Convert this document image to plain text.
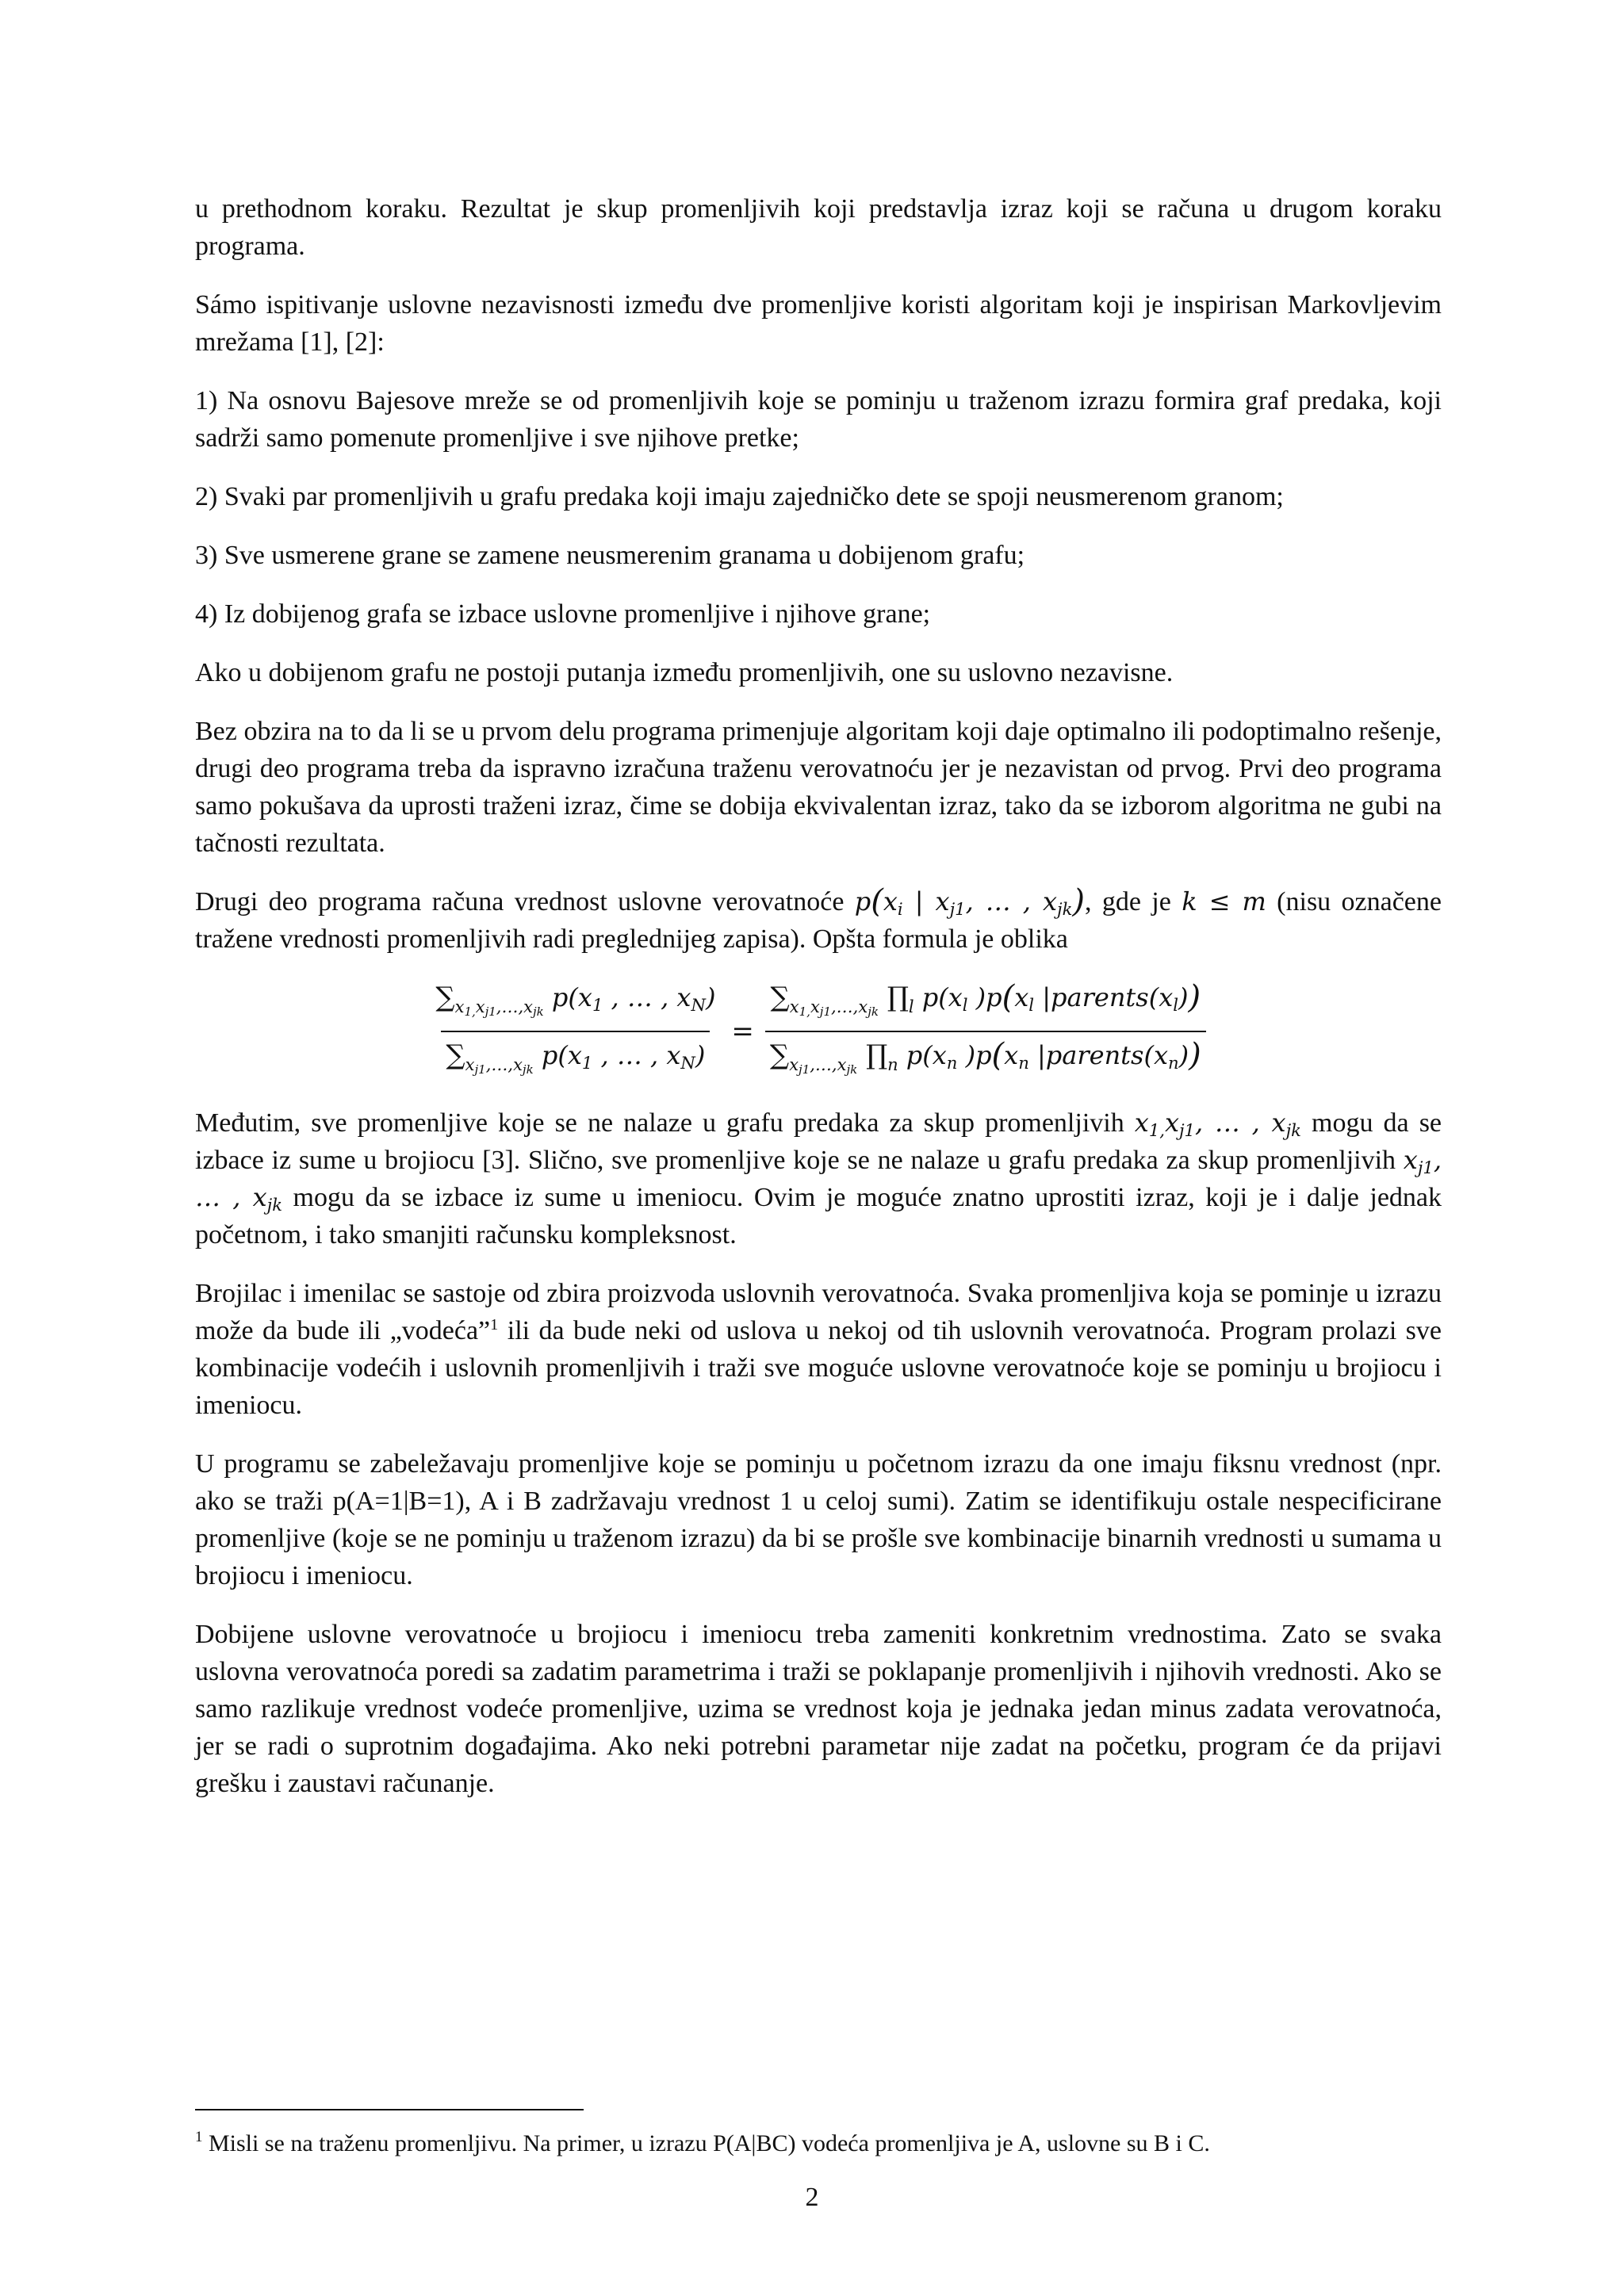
u prethodnom koraku. Rezultat je skup promenljivih koji predstavlja izraz koji se računa u drugom koraku programa.

Sámo ispitivanje uslovne nezavisnosti između dve promenljive koristi algoritam koji je inspirisan Markovljevim mrežama [1], [2]:

1) Na osnovu Bajesove mreže se od promenljivih koje se pominju u traženom izrazu formira graf predaka, koji sadrži samo pomenute promenljive i sve njihove pretke;

2) Svaki par promenljivih u grafu predaka koji imaju zajedničko dete se spoji neusmerenom granom;

3) Sve usmerene grane se zamene neusmerenim granama u dobijenom grafu;

4) Iz dobijenog grafa se izbace uslovne promenljive i njihove grane;

Ako u dobijenom grafu ne postoji putanja između promenljivih, one su uslovno nezavisne.

Bez obzira na to da li se u prvom delu programa primenjuje algoritam koji daje optimalno ili podoptimalno rešenje, drugi deo programa treba da ispravno izračuna traženu verovatnoću jer je nezavistan od prvog. Prvi deo programa samo pokušava da uprosti traženi izraz, čime se dobija ekvivalentan izraz, tako da se izborom algoritma ne gubi na tačnosti rezultata.

Drugi deo programa računa vrednost uslovne verovatnoće $p(x_i$ | $x_{j1}$, … , $x_{jk}$), gde je k ≤ m (nisu označene tražene vrednosti promenljivih radi preglednijeg zapisa). Opšta formula je oblika

$\frac{\sum_{x_{1,}x_{j1},\dots,x_{jk}} p(x_1 , \dots , x_N)}{\sum_{x_{j1},\dots,x_{jk}} p(x_1 , \dots , x_N)} = \frac{\sum_{x_{1,}x_{j1},\dots,x_{jk}} \prod_l p(x_l )p(x_l |parents(x_l))}{\sum_{x_{j1},\dots,x_{jk}} \prod_n p(x_n )p(x_n |parents(x_n))}$

Međutim, sve promenljive koje se ne nalaze u grafu predaka za skup promenljivih $x_{1,}x_{j1}$, … , $x_{jk}$ mogu da se izbace iz sume u brojiocu [3]. Slično, sve promenljive koje se ne nalaze u grafu predaka za skup promenljivih $x_{j1}$, … , $x_{jk}$ mogu da se izbace iz sume u imeniocu. Ovim je moguće znatno uprostiti izraz, koji je i dalje jednak početnom, i tako smanjiti računsku kompleksnost.

Brojilac i imenilac se sastoje od zbira proizvoda uslovnih verovatnoća. Svaka promenljiva koja se pominje u izrazu može da bude ili „vodeća”$^1$ ili da bude neki od uslova u nekoj od tih uslovnih verovatnoća. Program prolazi sve kombinacije vodećih i uslovnih promenljivih i traži sve moguće uslovne verovatnoće koje se pominju u brojiocu i imeniocu.

U programu se zabeležavaju promenljive koje se pominju u početnom izrazu da one imaju fiksnu vrednost (npr. ako se traži p(A=1|B=1), A i B zadržavaju vrednost 1 u celoj sumi). Zatim se identifikuju ostale nespecificirane promenljive (koje se ne pominju u traženom izrazu) da bi se prošle sve kombinacije binarnih vrednosti u sumama u brojiocu i imeniocu.

Dobijene uslovne verovatnoće u brojiocu i imeniocu treba zameniti konkretnim vrednostima. Zato se svaka uslovna verovatnoća poredi sa zadatim parametrima i traži se poklapanje promenljivih i njihovih vrednosti. Ako se samo razlikuje vrednost vodeće promenljive, uzima se vrednost koja je jednaka jedan minus zadata verovatnoća, jer se radi o suprotnim događajima. Ako neki potrebni parametar nije zadat na početku, program će da prijavi grešku i zaustavi računanje.

$^1$ Misli se na traženu promenljivu. Na primer, u izrazu P(A|BC) vodeća promenljiva je A, uslovne su B i C.
2
